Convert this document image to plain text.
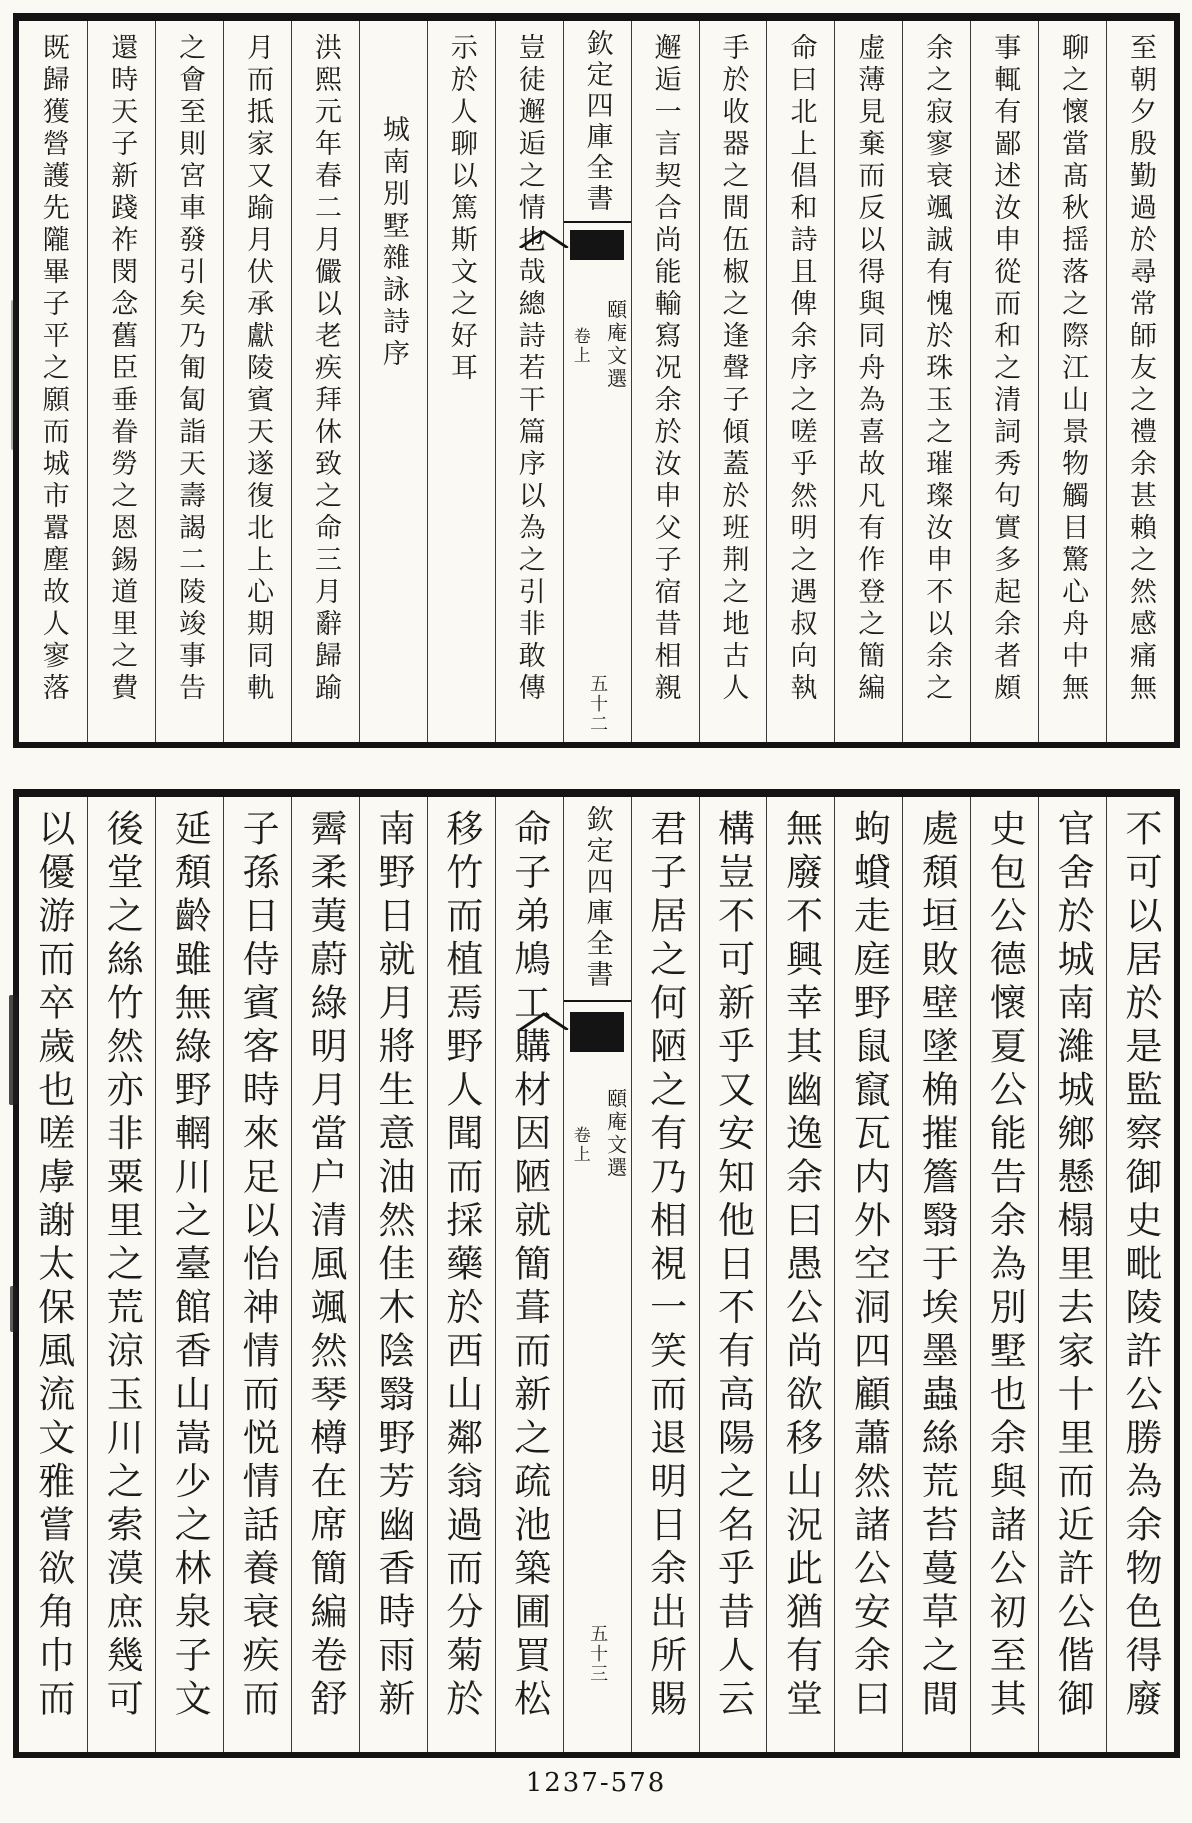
至朝夕殷勤過於尋常師友之禮余甚賴之然感痛無
聊之懷當髙秋揺落之際江山景物觸目驚心舟中無
事輒有鄙述汝申從而和之清詞秀句實多起余者頗
余之寂寥衰颯誠有愧於珠玉之璀璨汝申不以余之
虚薄見棄而反以得與同舟為喜故凡有作登之簡編
命曰北上倡和詩且俾余序之嗟乎然明之遇叔向執
手於收器之間伍椒之逢聲子傾蓋於班荆之地古人
邂逅一言契合尚能輸寫况余於汝申父子宿昔相親
欽定四庫全書
頤庵文選
卷上
五十二
豈徒邂逅之情也哉總詩若干篇序以為之引非敢傳
示於人聊以篤斯文之好耳
城南別墅雜詠詩序
洪熙元年春二月儼以老疾拜休致之命三月辭歸踰
月而抵家又踰月伏承獻陵賓天遂復北上心期同軌
之會至則宮車發引矣乃匍匐詣天壽謁二陵竣事告
還時天子新踐祚閔念舊臣垂眷勞之恩錫道里之費
既歸獲營護先隴畢子平之願而城市囂塵故人寥落
不可以居於是監察御史毗陵許公勝為余物色得廢
官舍於城南濰城鄉懸榻里去家十里而近許公偕御
史包公德懷夏公能告余為別墅也余與諸公初至其
處頹垣敗壁墜桷摧簷翳于埃墨蟲絲荒苔蔓草之間
蚼蟘走庭野鼠竄瓦内外空洞四顧蕭然諸公安余曰
無廢不興幸其幽逸余曰愚公尚欲移山況此猶有堂
構豈不可新乎又安知他日不有高陽之名乎昔人云
君子居之何陋之有乃相視一笑而退明日余出所賜
欽定四庫全書
頤庵文選
卷上
五十三
命子弟鳩工購材因陋就簡葺而新之疏池築圃買松
移竹而植焉野人聞而採藥於西山鄰翁過而分菊於
南野日就月將生意油然佳木陰翳野芳幽香時雨新
霽柔荑蔚綠明月當户清風颯然琴樽在席簡編卷舒
子孫日侍賓客時來足以怡神情而悦情話養衰疾而
延頽齡雖無綠野輞川之臺館香山嵩少之林泉子文
後堂之絲竹然亦非粟里之荒涼玉川之索漠庶幾可
以優游而卒歲也嗟虖謝太保風流文雅嘗欲角巾而
1237-578
